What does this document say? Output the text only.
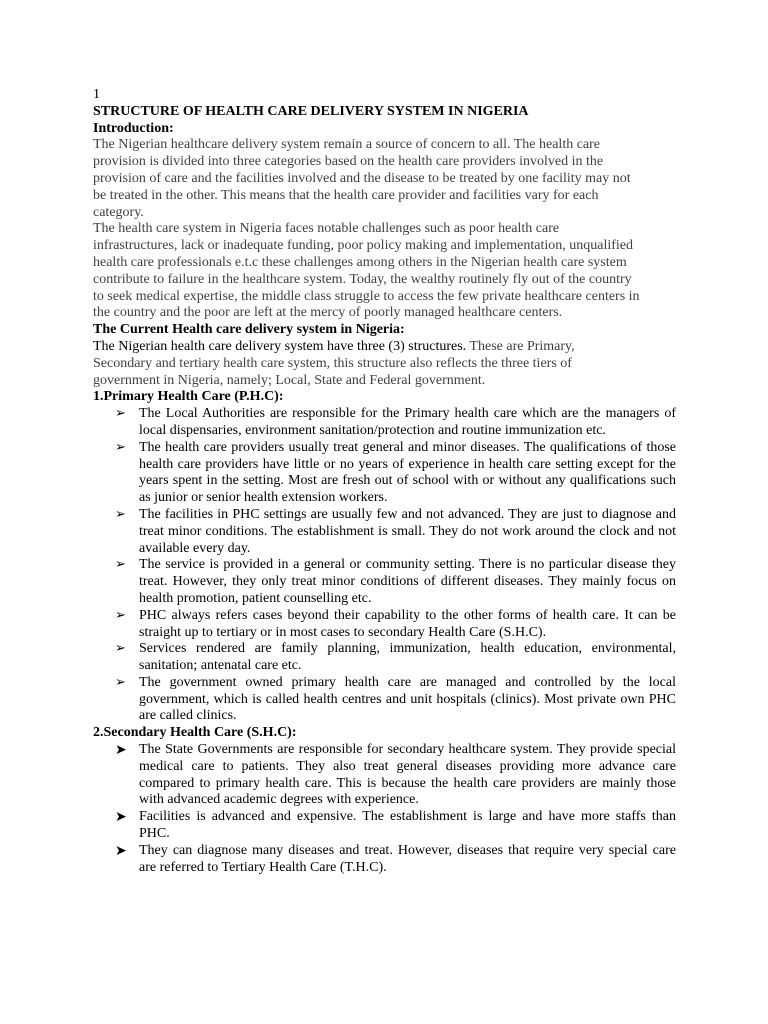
1

STRUCTURE OF HEALTH CARE DELIVERY SYSTEM IN NIGERIA

Introduction:

The Nigerian healthcare delivery system remain a source of concern to all. The health care provision is divided into three categories based on the health care providers involved in the provision of care and the facilities involved and the disease to be treated by one facility may not be treated in the other. This means that the health care provider and facilities vary for each category.

The health care system in Nigeria faces notable challenges such as poor health care infrastructures, lack or inadequate funding, poor policy making and implementation, unqualified health care professionals e.t.c these challenges among others in the Nigerian health care system contribute to failure in the healthcare system. Today, the wealthy routinely fly out of the country to seek medical expertise, the middle class struggle to access the few private healthcare centers in the country and the poor are left at the mercy of poorly managed healthcare centers.

The Current Health care delivery system in Nigeria:

The Nigerian health care delivery system have three (3) structures. These are Primary, Secondary and tertiary health care system, this structure also reflects the three tiers of government in Nigeria, namely; Local, State and Federal government.

1.Primary Health Care (P.H.C):

➢ The Local Authorities are responsible for the Primary health care which are the managers of local dispensaries, environment sanitation/protection and routine immunization etc.
➢ The health care providers usually treat general and minor diseases. The qualifications of those health care providers have little or no years of experience in health care setting except for the years spent in the setting. Most are fresh out of school with or without any qualifications such as junior or senior health extension workers.
➢ The facilities in PHC settings are usually few and not advanced. They are just to diagnose and treat minor conditions. The establishment is small. They do not work around the clock and not available every day.
➢ The service is provided in a general or community setting. There is no particular disease they treat. However, they only treat minor conditions of different diseases. They mainly focus on health promotion, patient counselling etc.
➢ PHC always refers cases beyond their capability to the other forms of health care. It can be straight up to tertiary or in most cases to secondary Health Care (S.H.C).
➢ Services rendered are family planning, immunization, health education, environmental, sanitation; antenatal care etc.
➢ The government owned primary health care are managed and controlled by the local government, which is called health centres and unit hospitals (clinics). Most private own PHC are called clinics.

2.Secondary Health Care (S.H.C):

➤ The State Governments are responsible for secondary healthcare system. They provide special medical care to patients. They also treat general diseases providing more advance care compared to primary health care. This is because the health care providers are mainly those with advanced academic degrees with experience.
➤ Facilities is advanced and expensive. The establishment is large and have more staffs than PHC.
➤ They can diagnose many diseases and treat. However, diseases that require very special care are referred to Tertiary Health Care (T.H.C).
